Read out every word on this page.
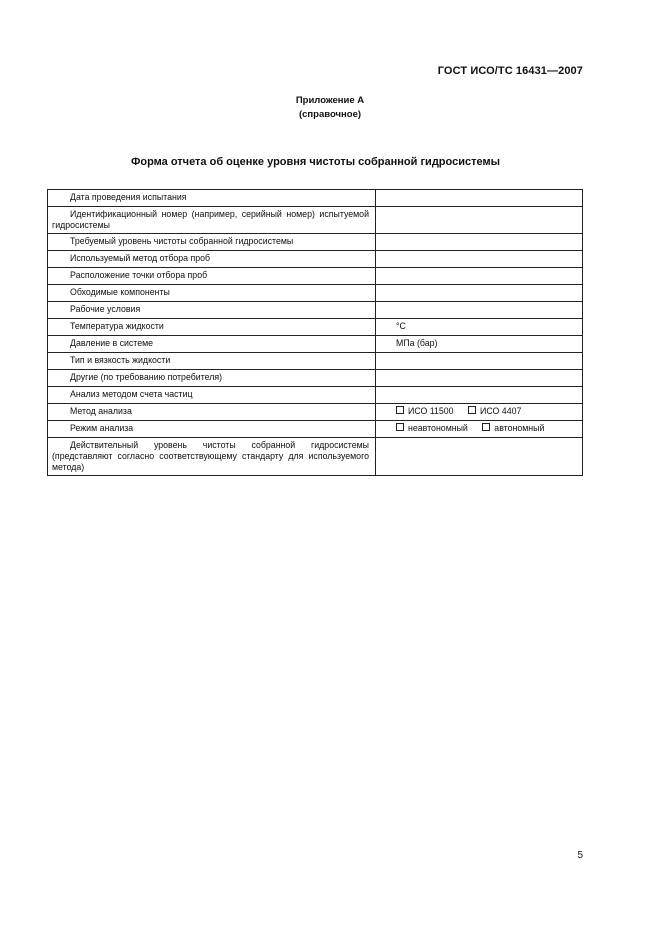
ГОСТ ИСО/ТС 16431—2007
Приложение А
(справочное)
Форма отчета об оценке уровня чистоты собранной гидросистемы
Дата проведения испытания	
Идентификационный номер (например, серийный номер) испытуемой гидросистемы	
Требуемый уровень чистоты собранной гидросистемы	
Используемый метод отбора проб	
Расположение точки отбора проб	
Обходимые компоненты	
Рабочие условия	
Температура жидкости	°С
Давление в системе	МПа (бар)
Тип и вязкость жидкости	
Другие (по требованию потребителя)	
Анализ методом счета частиц	
Метод анализа	ИСО 11500 ИСО 4407
Режим анализа	неавтономный автономный
Действительный уровень чистоты собранной гидросистемы (представляют согласно соответствующему стандарту для используемого метода)	
5
